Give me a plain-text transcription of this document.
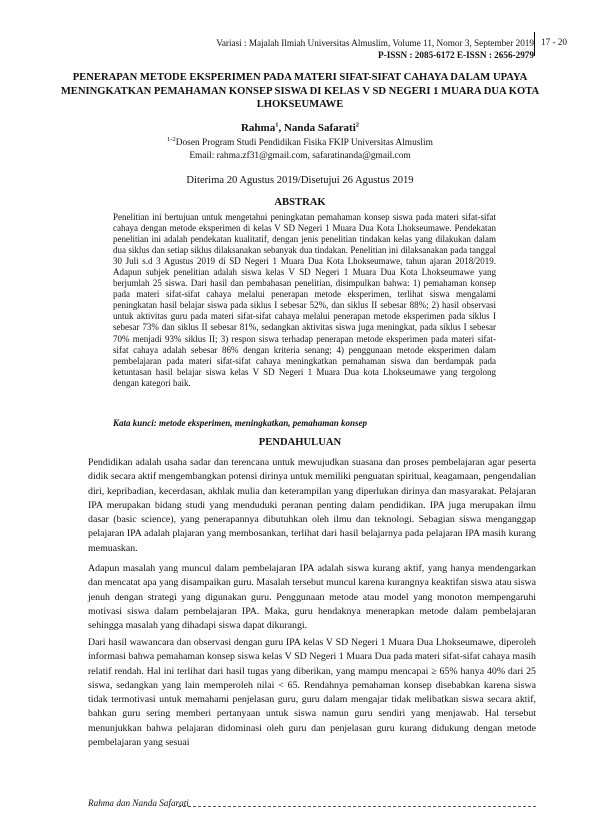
Variasi : Majalah Ilmiah Universitas Almuslim, Volume 11, Nomor 3, September 2019
P-ISSN : 2085-6172 E-ISSN : 2656-2979
17 - 20
PENERAPAN METODE EKSPERIMEN PADA MATERI SIFAT-SIFAT CAHAYA DALAM UPAYA MENINGKATKAN PEMAHAMAN KONSEP SISWA DI KELAS V SD NEGERI 1 MUARA DUA KOTA LHOKSEUMAWE
Rahma$^1$, Nanda Safarati$^2$
$^{1-2}$Dosen Program Studi Pendidikan Fisika FKIP Universitas Almuslim
Email: rahma.zf31@gmail.com, safaratinanda@gmail.com
Diterima 20 Agustus 2019/Disetujui 26 Agustus 2019
ABSTRAK
Penelitian ini bertujuan untuk mengetahui peningkatan pemahaman konsep siswa pada materi sifat-sifat cahaya dengan metode eksperimen di kelas V SD Negeri 1 Muara Dua Kota Lhokseumawe. Pendekatan penelitian ini adalah pendekatan kualitatif, dengan jenis penelitian tindakan kelas yang dilakukan dalam dua siklus dan setiap siklus dilaksanakan sebanyak dua tindakan. Penelitian ini dilaksanakan pada tanggal 30 Juli s.d 3 Agustus 2019 di SD Negeri 1 Muara Dua Kota Lhokseumawe, tahun ajaran 2018/2019. Adapun subjek penelitian adalah siswa kelas V SD Negeri 1 Muara Dua Kota Lhokseumawe yang berjumlah 25 siswa. Dari hasil dan pembahasan penelitian, disimpulkan bahwa: 1) pemahaman konsep pada materi sifat-sifat cahaya melalui penerapan metode eksperimen, terlihat siswa mengalami peningkatan hasil belajar siswa pada siklus I sebesar 52%, dan siklus II sebesar 88%; 2) hasil observasi untuk aktivitas guru pada materi sifat-sifat cahaya melalui penerapan metode eksperimen pada siklus I sebesar 73% dan siklus II sebesar 81%, sedangkan aktivitas siswa juga meningkat, pada siklus I sebesar 70% menjadi 93% siklus II; 3) respon siswa terhadap penerapan metode eksperimen pada materi sifat-sifat cahaya adalah sebesar 86% dengan kriteria senang; 4) penggunaan metode eksperimen dalam pembelajaran pada materi sifat-sifat cahaya meningkatkan pemahaman siswa dan berdampak pada ketuntasan hasil belajar siswa kelas V SD Negeri 1 Muara Dua kota Lhokseumawe yang tergolong dengan kategori baik.
Kata kunci: metode eksperimen, meningkatkan, pemahaman konsep
PENDAHULUAN
Pendidikan adalah usaha sadar dan terencana untuk mewujudkan suasana dan proses pembelajaran agar peserta didik secara aktif mengembangkan potensi dirinya untuk memiliki penguatan spiritual, keagamaan, pengendalian diri, kepribadian, kecerdasan, akhlak mulia dan keterampilan yang diperlukan dirinya dan masyarakat. Pelajaran IPA merupakan bidang studi yang menduduki peranan penting dalam pendidikan. IPA juga merupakan ilmu dasar (basic science), yang penerapannya dibutuhkan oleh ilmu dan teknologi. Sebagian siswa menganggap pelajaran IPA adalah plajaran yang membosankan, terlihat dari hasil belajarnya pada pelajaran IPA masih kurang memuaskan.
Adapun masalah yang muncul dalam pembelajaran IPA adalah siswa kurang aktif, yang hanya mendengarkan dan mencatat apa yang disampaikan guru. Masalah tersebut muncul karena kurangnya keaktifan siswa atau siswa jenuh dengan strategi yang digunakan guru. Penggunaan metode atau model yang monoton mempengaruhi motivasi siswa dalam pembelajaran IPA. Maka, guru hendaknya menerapkan metode dalam pembelajaran sehingga masalah yang dihadapi siswa dapat dikurangi.
Dari hasil wawancara dan observasi dengan guru IPA kelas V SD Negeri 1 Muara Dua Lhokseumawe, diperoleh informasi bahwa pemahaman konsep siswa kelas V SD Negeri 1 Muara Dua pada materi sifat-sifat cahaya masih relatif rendah. Hal ini terlihat dari hasil tugas yang diberikan, yang mampu mencapai ≥ 65% hanya 40% dari 25 siswa, sedangkan yang lain memperoleh nilai < 65. Rendahnya pemahaman konsep disebabkan karena siswa tidak termotivasi untuk memahami penjelasan guru, guru dalam mengajar tidak melibatkan siswa secara aktif, bahkan guru sering memberi pertanyaan untuk siswa namun guru sendiri yang menjawab. Hal tersebut menunjukkan bahwa pelajaran didominasi oleh guru dan penjelasan guru kurang didukung dengan metode pembelajaran yang sesuai
Rahma dan Nanda Safarati
